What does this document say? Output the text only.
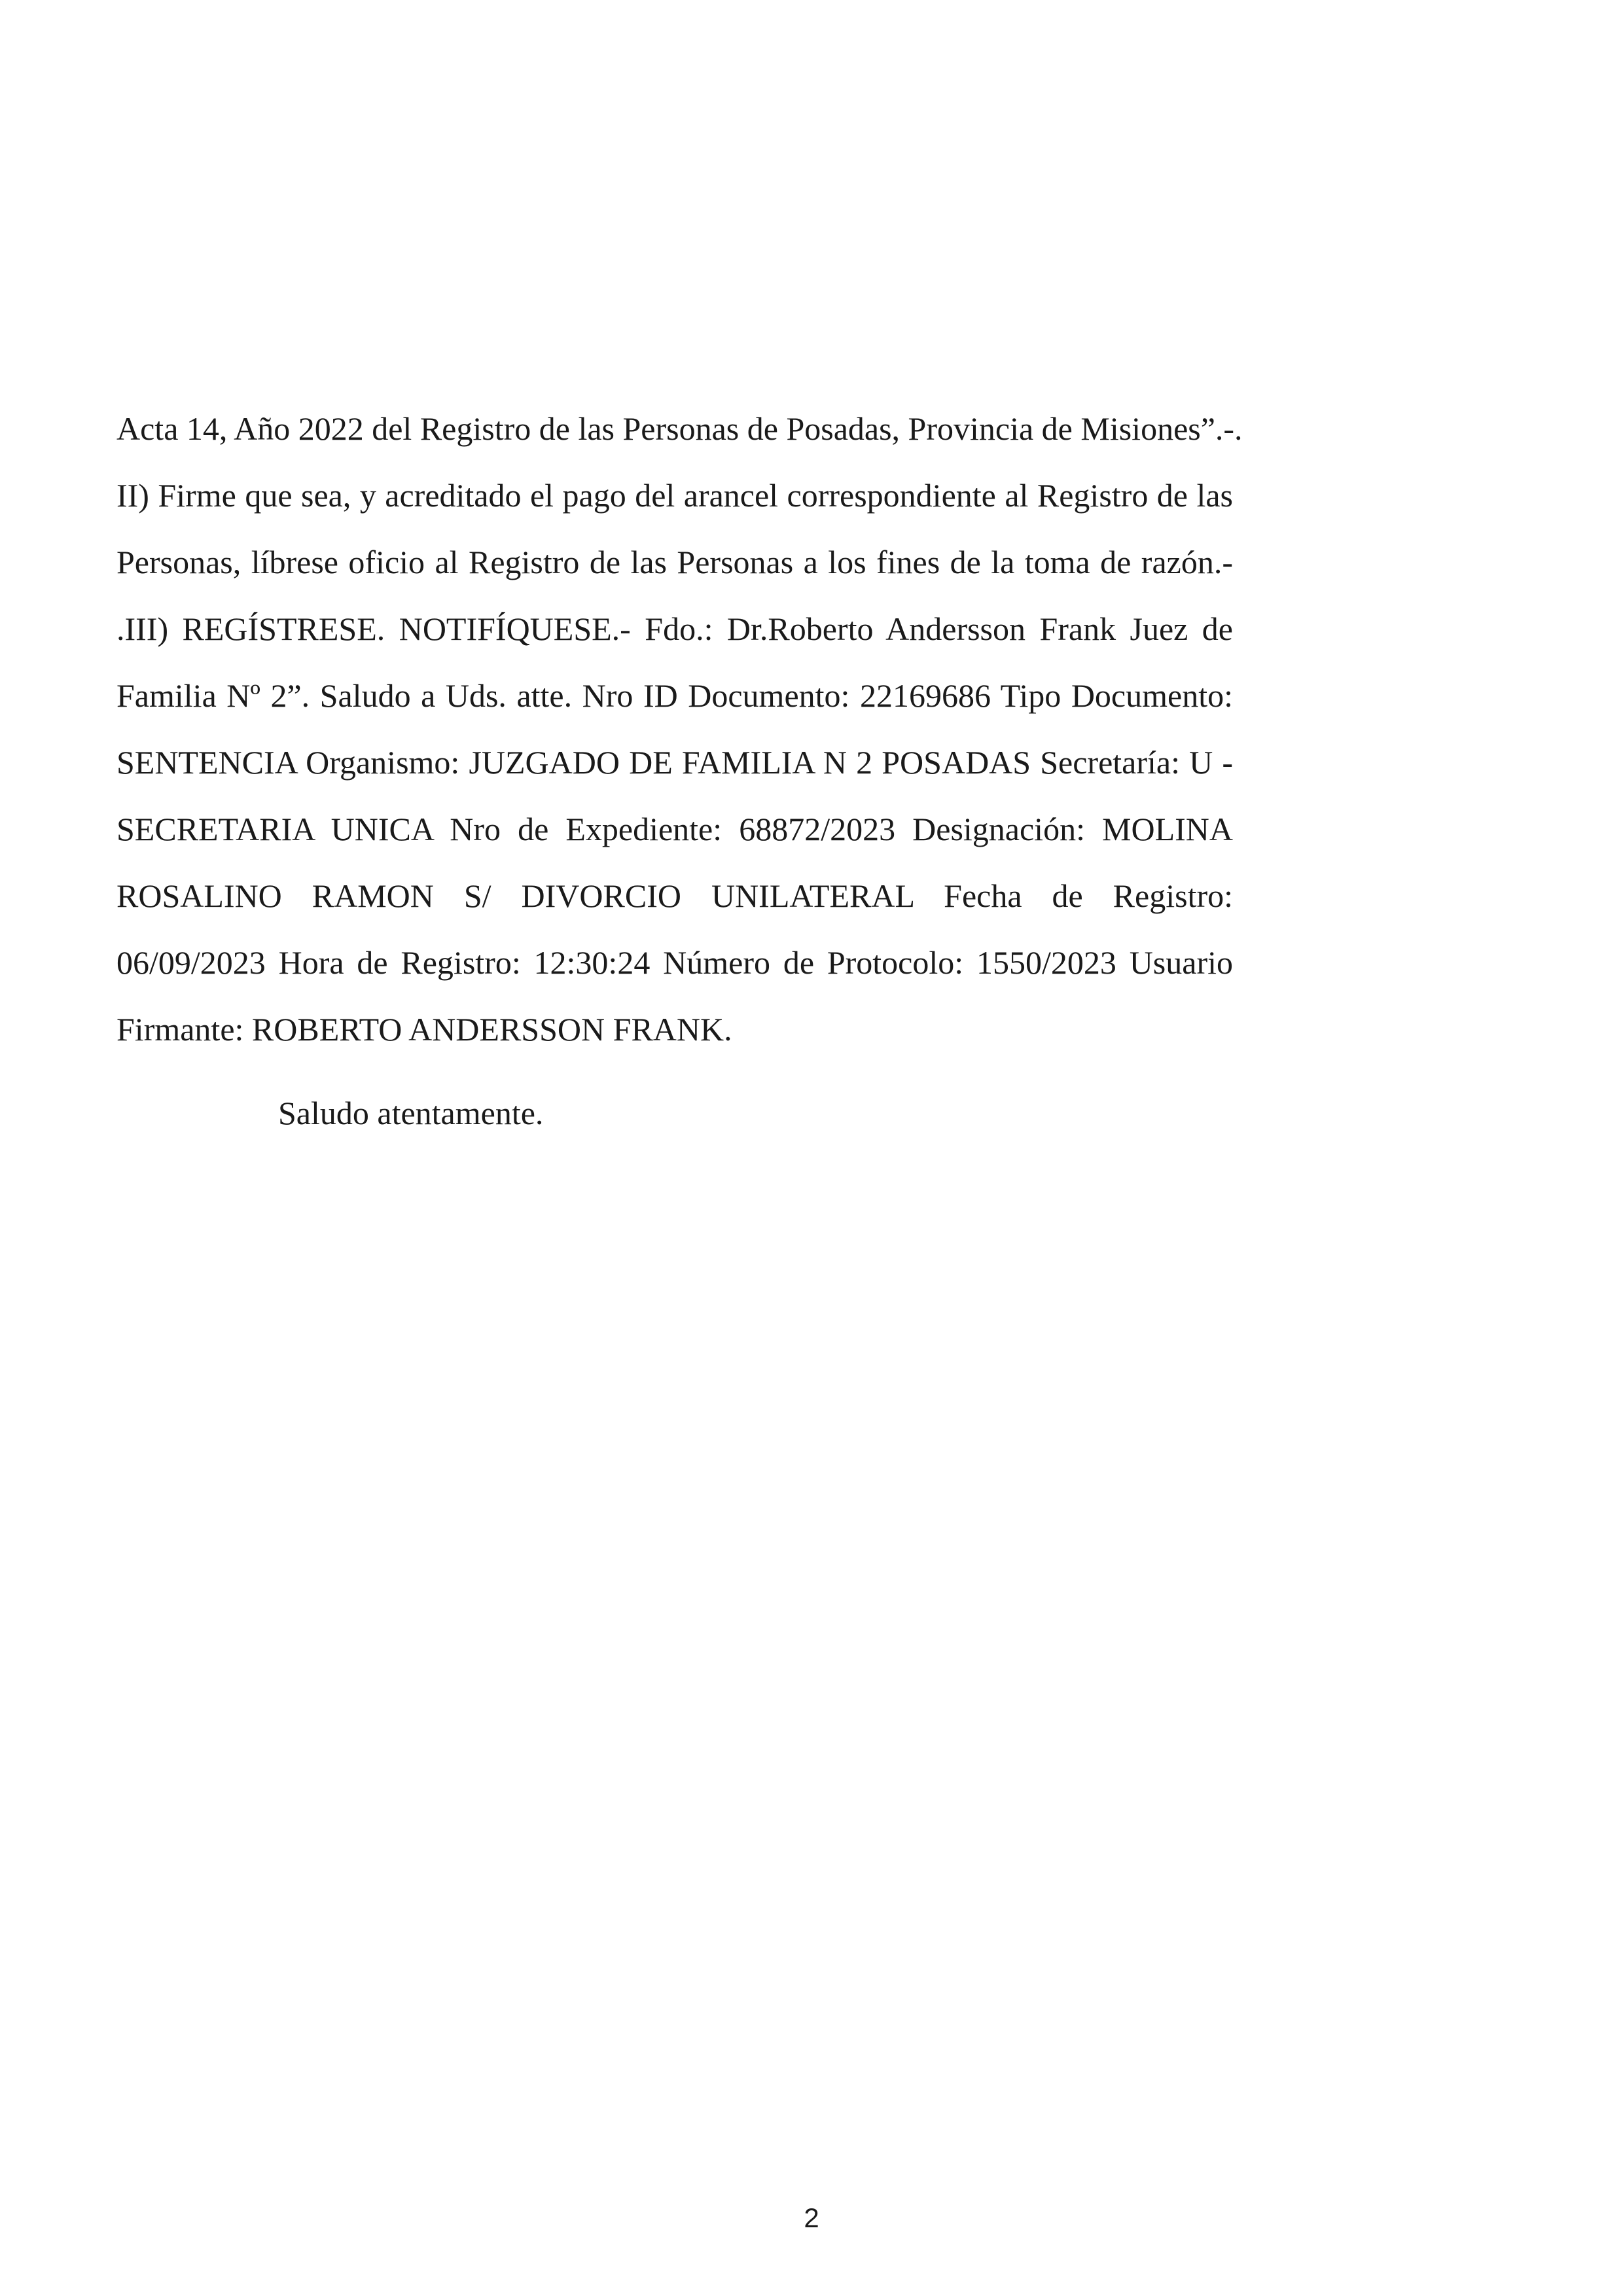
Acta 14, Año 2022 del Registro de las Personas de Posadas, Provincia de Misiones”.-.
II) Firme que sea, y acreditado el pago del arancel correspondiente al Registro de las
Personas, líbrese oficio al Registro de las Personas a los fines de la toma de razón.-
.III) REGÍSTRESE. NOTIFÍQUESE.- Fdo.: Dr.Roberto Andersson Frank Juez de
Familia Nº 2”. Saludo a Uds. atte. Nro ID Documento: 22169686 Tipo Documento:
SENTENCIA Organismo: JUZGADO DE FAMILIA N 2 POSADAS Secretaría: U -
SECRETARIA UNICA Nro de Expediente: 68872/2023 Designación: MOLINA
ROSALINO RAMON S/ DIVORCIO UNILATERAL Fecha de Registro:
06/09/2023 Hora de Registro: 12:30:24 Número de Protocolo: 1550/2023 Usuario
Firmante: ROBERTO ANDERSSON FRANK.
Saludo atentamente.
2
